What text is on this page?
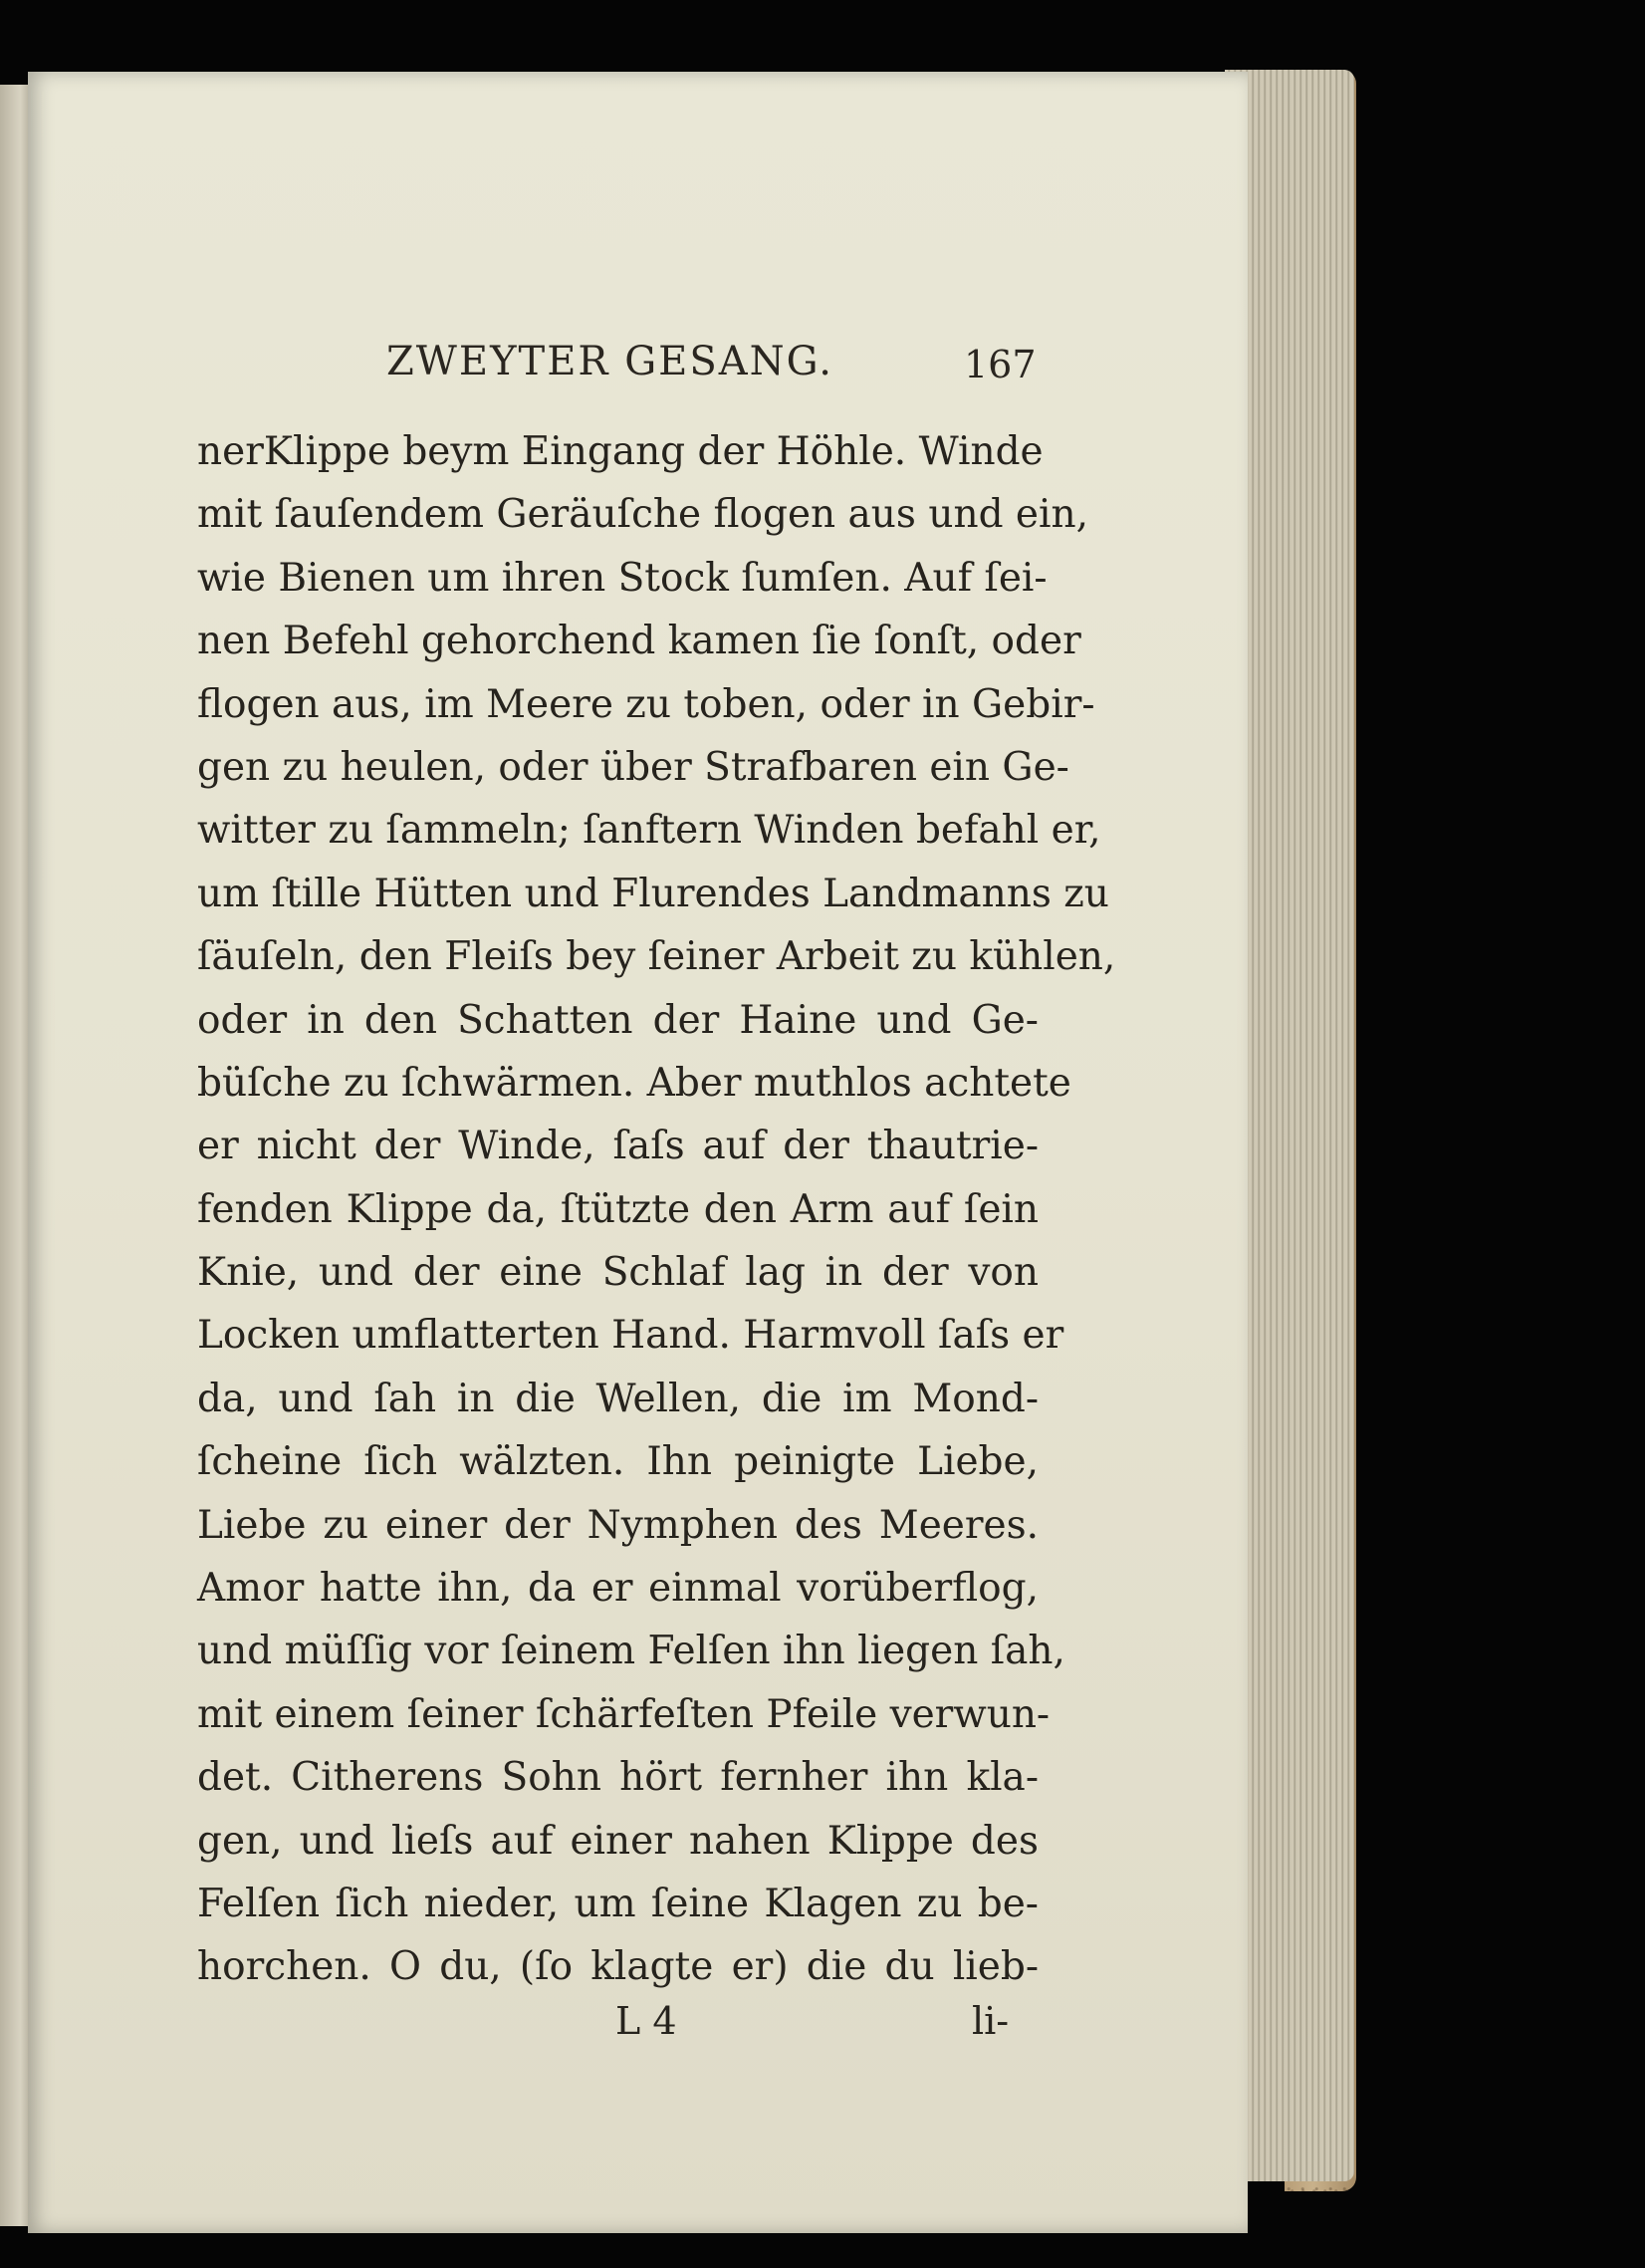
ZWEYTER GESANG.	167
nerKlippe beym Eingang der Höhle. Winde
mit ſauſendem Geräuſche flogen aus und ein,
wie Bienen um ihren Stock ſumſen. Auf ſei-
nen Befehl gehorchend kamen ſie ſonſt, oder
flogen aus, im Meere zu toben, oder in Gebir-
gen zu heulen, oder über Strafbaren ein Ge-
witter zu ſammeln; ſanftern Winden befahl er,
um ſtille Hütten und Flurendes Landmanns zu
ſäuſeln, den Fleiſs bey ſeiner Arbeit zu kühlen,
oder in den Schatten der Haine und Ge-
büſche zu ſchwärmen. Aber muthlos achtete
er nicht der Winde, ſaſs auf der thautrie-
fenden Klippe da, ſtützte den Arm auf ſein
Knie, und der eine Schlaf lag in der von
Locken umflatterten Hand. Harmvoll ſaſs er
da, und ſah in die Wellen, die im Mond-
ſcheine ſich wälzten. Ihn peinigte Liebe,
Liebe zu einer der Nymphen des Meeres.
Amor hatte ihn, da er einmal vorüberflog,
und müſſig vor ſeinem Felſen ihn liegen ſah,
mit einem ſeiner ſchärfeſten Pfeile verwun-
det. Citherens Sohn hört fernher ihn kla-
gen, und lieſs auf einer nahen Klippe des
Felſen ſich nieder, um ſeine Klagen zu be-
horchen. O du, (ſo klagte er) die du lieb-
L 4	li-
